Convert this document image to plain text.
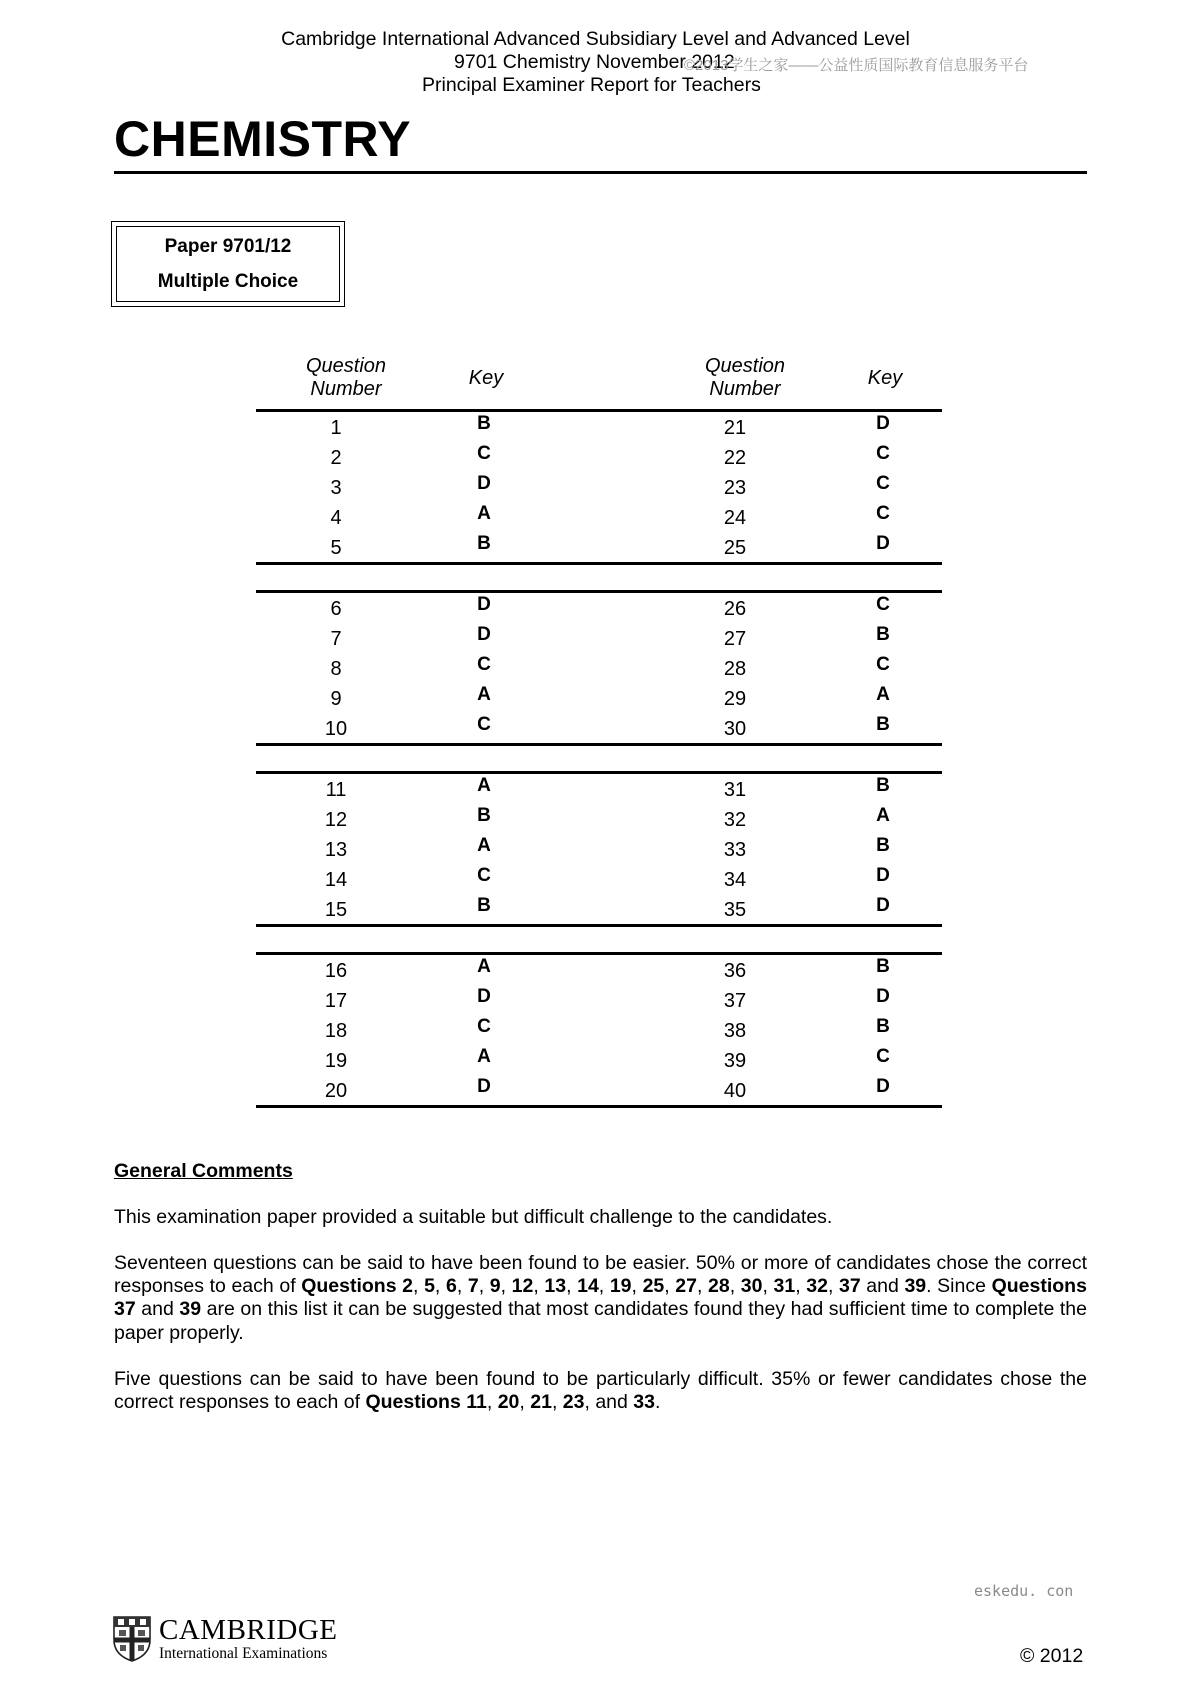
Cambridge International Advanced Subsidiary Level and Advanced Level
9701 Chemistry November 2012
Principal Examiner Report for Teachers
©2013学生之家——公益性质国际教育信息服务平台
CHEMISTRY
Paper 9701/12
Multiple Choice
Question
Number	Key
Question
Number	Key
1	B	21	D
2	C	22	C
3	D	23	C
4	A	24	C
5	B	25	D
6	D	26	C
7	D	27	B
8	C	28	C
9	A	29	A
10	C	30	B
11	A	31	B
12	B	32	A
13	A	33	B
14	C	34	D
15	B	35	D
16	A	36	B
17	D	37	D
18	C	38	B
19	A	39	C
20	D	40	D
General Comments
This examination paper provided a suitable but difficult challenge to the candidates.
Seventeen questions can be said to have been found to be easier. 50% or more of candidates chose the correct responses to each of Questions 2, 5, 6, 7, 9, 12, 13, 14, 19, 25, 27, 28, 30, 31, 32, 37 and 39. Since Questions 37 and 39 are on this list it can be suggested that most candidates found they had sufficient time to complete the paper properly.
Five questions can be said to have been found to be particularly difficult. 35% or fewer candidates chose the correct responses to each of Questions 11, 20, 21, 23, and 33.
eskedu. con
CAMBRIDGE
International Examinations	© 2012
